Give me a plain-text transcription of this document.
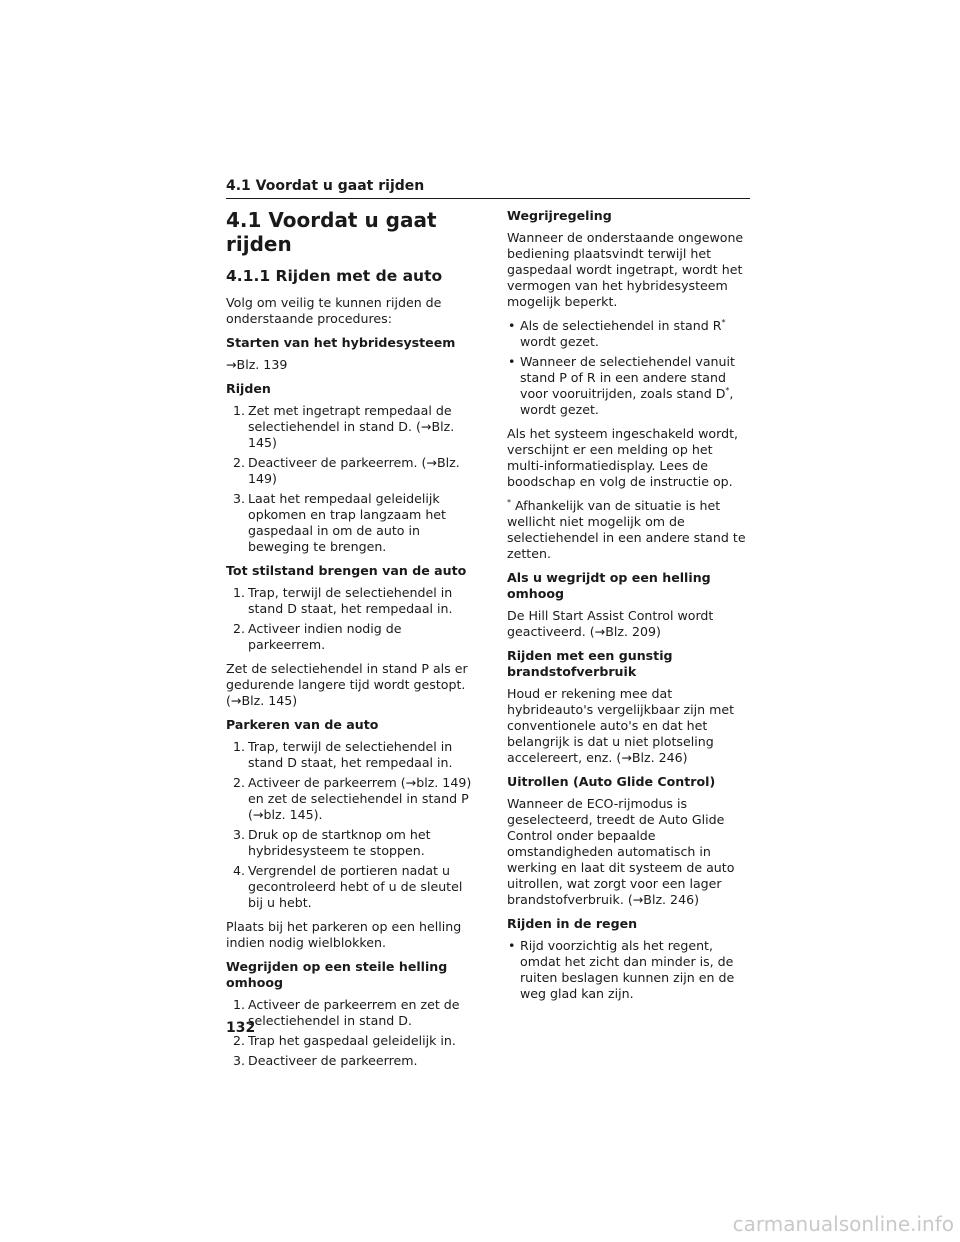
4.1 Voordat u gaat rijden
4.1 Voordat u gaat rijden
4.1.1 Rijden met de auto

Volg om veilig te kunnen rijden de onderstaande procedures:

Starten van het hybridesysteem

→Blz. 139

Rijden

1. Zet met ingetrapt rempedaal de selectiehendel in stand D. (→Blz. 145)
2. Deactiveer de parkeerrem. (→Blz. 149)
3. Laat het rempedaal geleidelijk opkomen en trap langzaam het gaspedaal in om de auto in beweging te brengen.

Tot stilstand brengen van de auto

1. Trap, terwijl de selectiehendel in stand D staat, het rempedaal in.
2. Activeer indien nodig de parkeerrem.

Zet de selectiehendel in stand P als er gedurende langere tijd wordt gestopt. (→Blz. 145)

Parkeren van de auto

1. Trap, terwijl de selectiehendel in stand D staat, het rempedaal in.
2. Activeer de parkeerrem (→blz. 149) en zet de selectiehendel in stand P (→blz. 145).
3. Druk op de startknop om het hybridesysteem te stoppen.
4. Vergrendel de portieren nadat u gecontroleerd hebt of u de sleutel bij u hebt.

Plaats bij het parkeren op een helling indien nodig wielblokken.

Wegrijden op een steile helling omhoog

1. Activeer de parkeerrem en zet de selectiehendel in stand D.
2. Trap het gaspedaal geleidelijk in.
3. Deactiveer de parkeerrem.

Wegrijregeling

Wanneer de onderstaande ongewone bediening plaatsvindt terwijl het gaspedaal wordt ingetrapt, wordt het vermogen van het hybridesysteem mogelijk beperkt.

• Als de selectiehendel in stand R* wordt gezet.
• Wanneer de selectiehendel vanuit stand P of R in een andere stand voor vooruitrijden, zoals stand D*, wordt gezet.

Als het systeem ingeschakeld wordt, verschijnt er een melding op het multi-informatiedisplay. Lees de boodschap en volg de instructie op.

* Afhankelijk van de situatie is het wellicht niet mogelijk om de selectiehendel in een andere stand te zetten.

Als u wegrijdt op een helling omhoog

De Hill Start Assist Control wordt geactiveerd. (→Blz. 209)

Rijden met een gunstig brandstofverbruik

Houd er rekening mee dat hybrideauto's vergelijkbaar zijn met conventionele auto's en dat het belangrijk is dat u niet plotseling accelereert, enz. (→Blz. 246)

Uitrollen (Auto Glide Control)

Wanneer de ECO-rijmodus is geselecteerd, treedt de Auto Glide Control onder bepaalde omstandigheden automatisch in werking en laat dit systeem de auto uitrollen, wat zorgt voor een lager brandstofverbruik. (→Blz. 246)

Rijden in de regen

• Rijd voorzichtig als het regent, omdat het zicht dan minder is, de ruiten beslagen kunnen zijn en de weg glad kan zijn.
132
carmanualsonline.info
